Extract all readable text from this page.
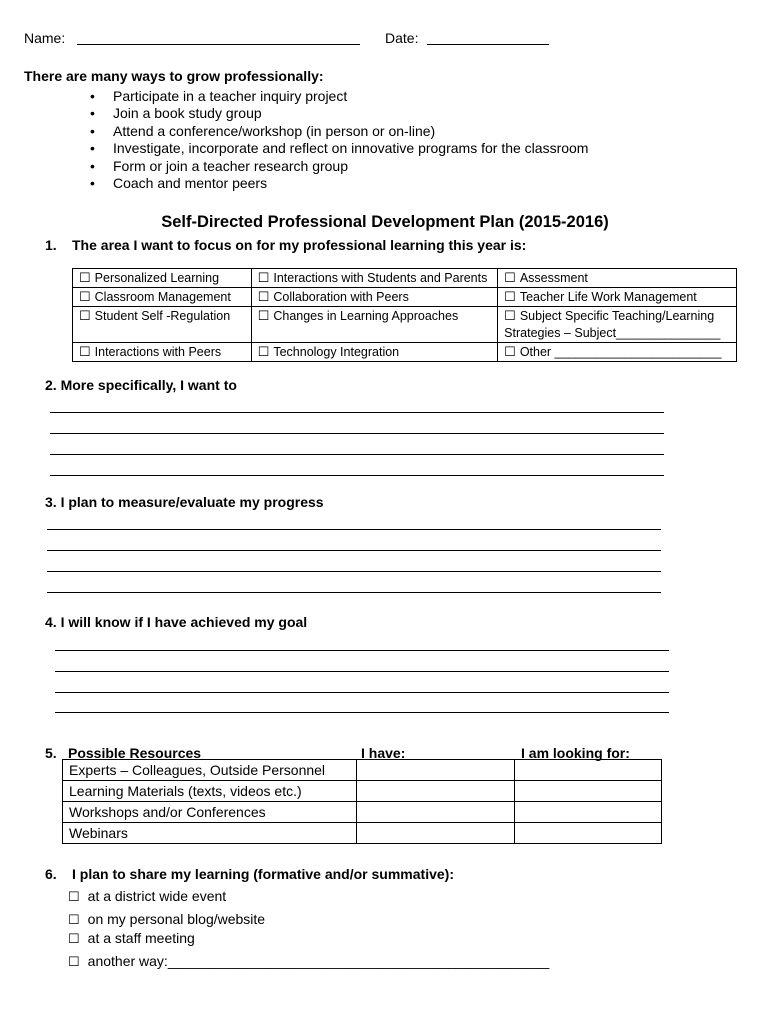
Name:	Date:
There are many ways to grow professionally:
• Participate in a teacher inquiry project
• Join a book study group
• Attend a conference/workshop (in person or on-line)
• Investigate, incorporate and reflect on innovative programs for the classroom
• Form or join a teacher research group
• Coach and mentor peers
Self-Directed Professional Development Plan (2015-2016)
1. The area I want to focus on for my professional learning this year is:
☐ Personalized Learning	☐ Interactions with Students and Parents	☐ Assessment
☐ Classroom Management	☐ Collaboration with Peers	☐ Teacher Life Work Management
☐ Student Self -Regulation	☐ Changes in Learning Approaches	☐ Subject Specific Teaching/Learning
Strategies – Subject_______________
☐ Interactions with Peers	☐ Technology Integration	☐ Other ________________________
2. More specifically, I want to
3. I plan to measure/evaluate my progress
4. I will know if I have achieved my goal
5. Possible Resources	I have:	I am looking for:
Experts – Colleagues, Outside Personnel		
Learning Materials (texts, videos etc.)		
Workshops and/or Conferences		
Webinars		
6. I plan to share my learning (formative and/or summative):
☐ at a district wide event
☐ on my personal blog/website
☐ at a staff meeting
☐ another way:_________________________________________________
